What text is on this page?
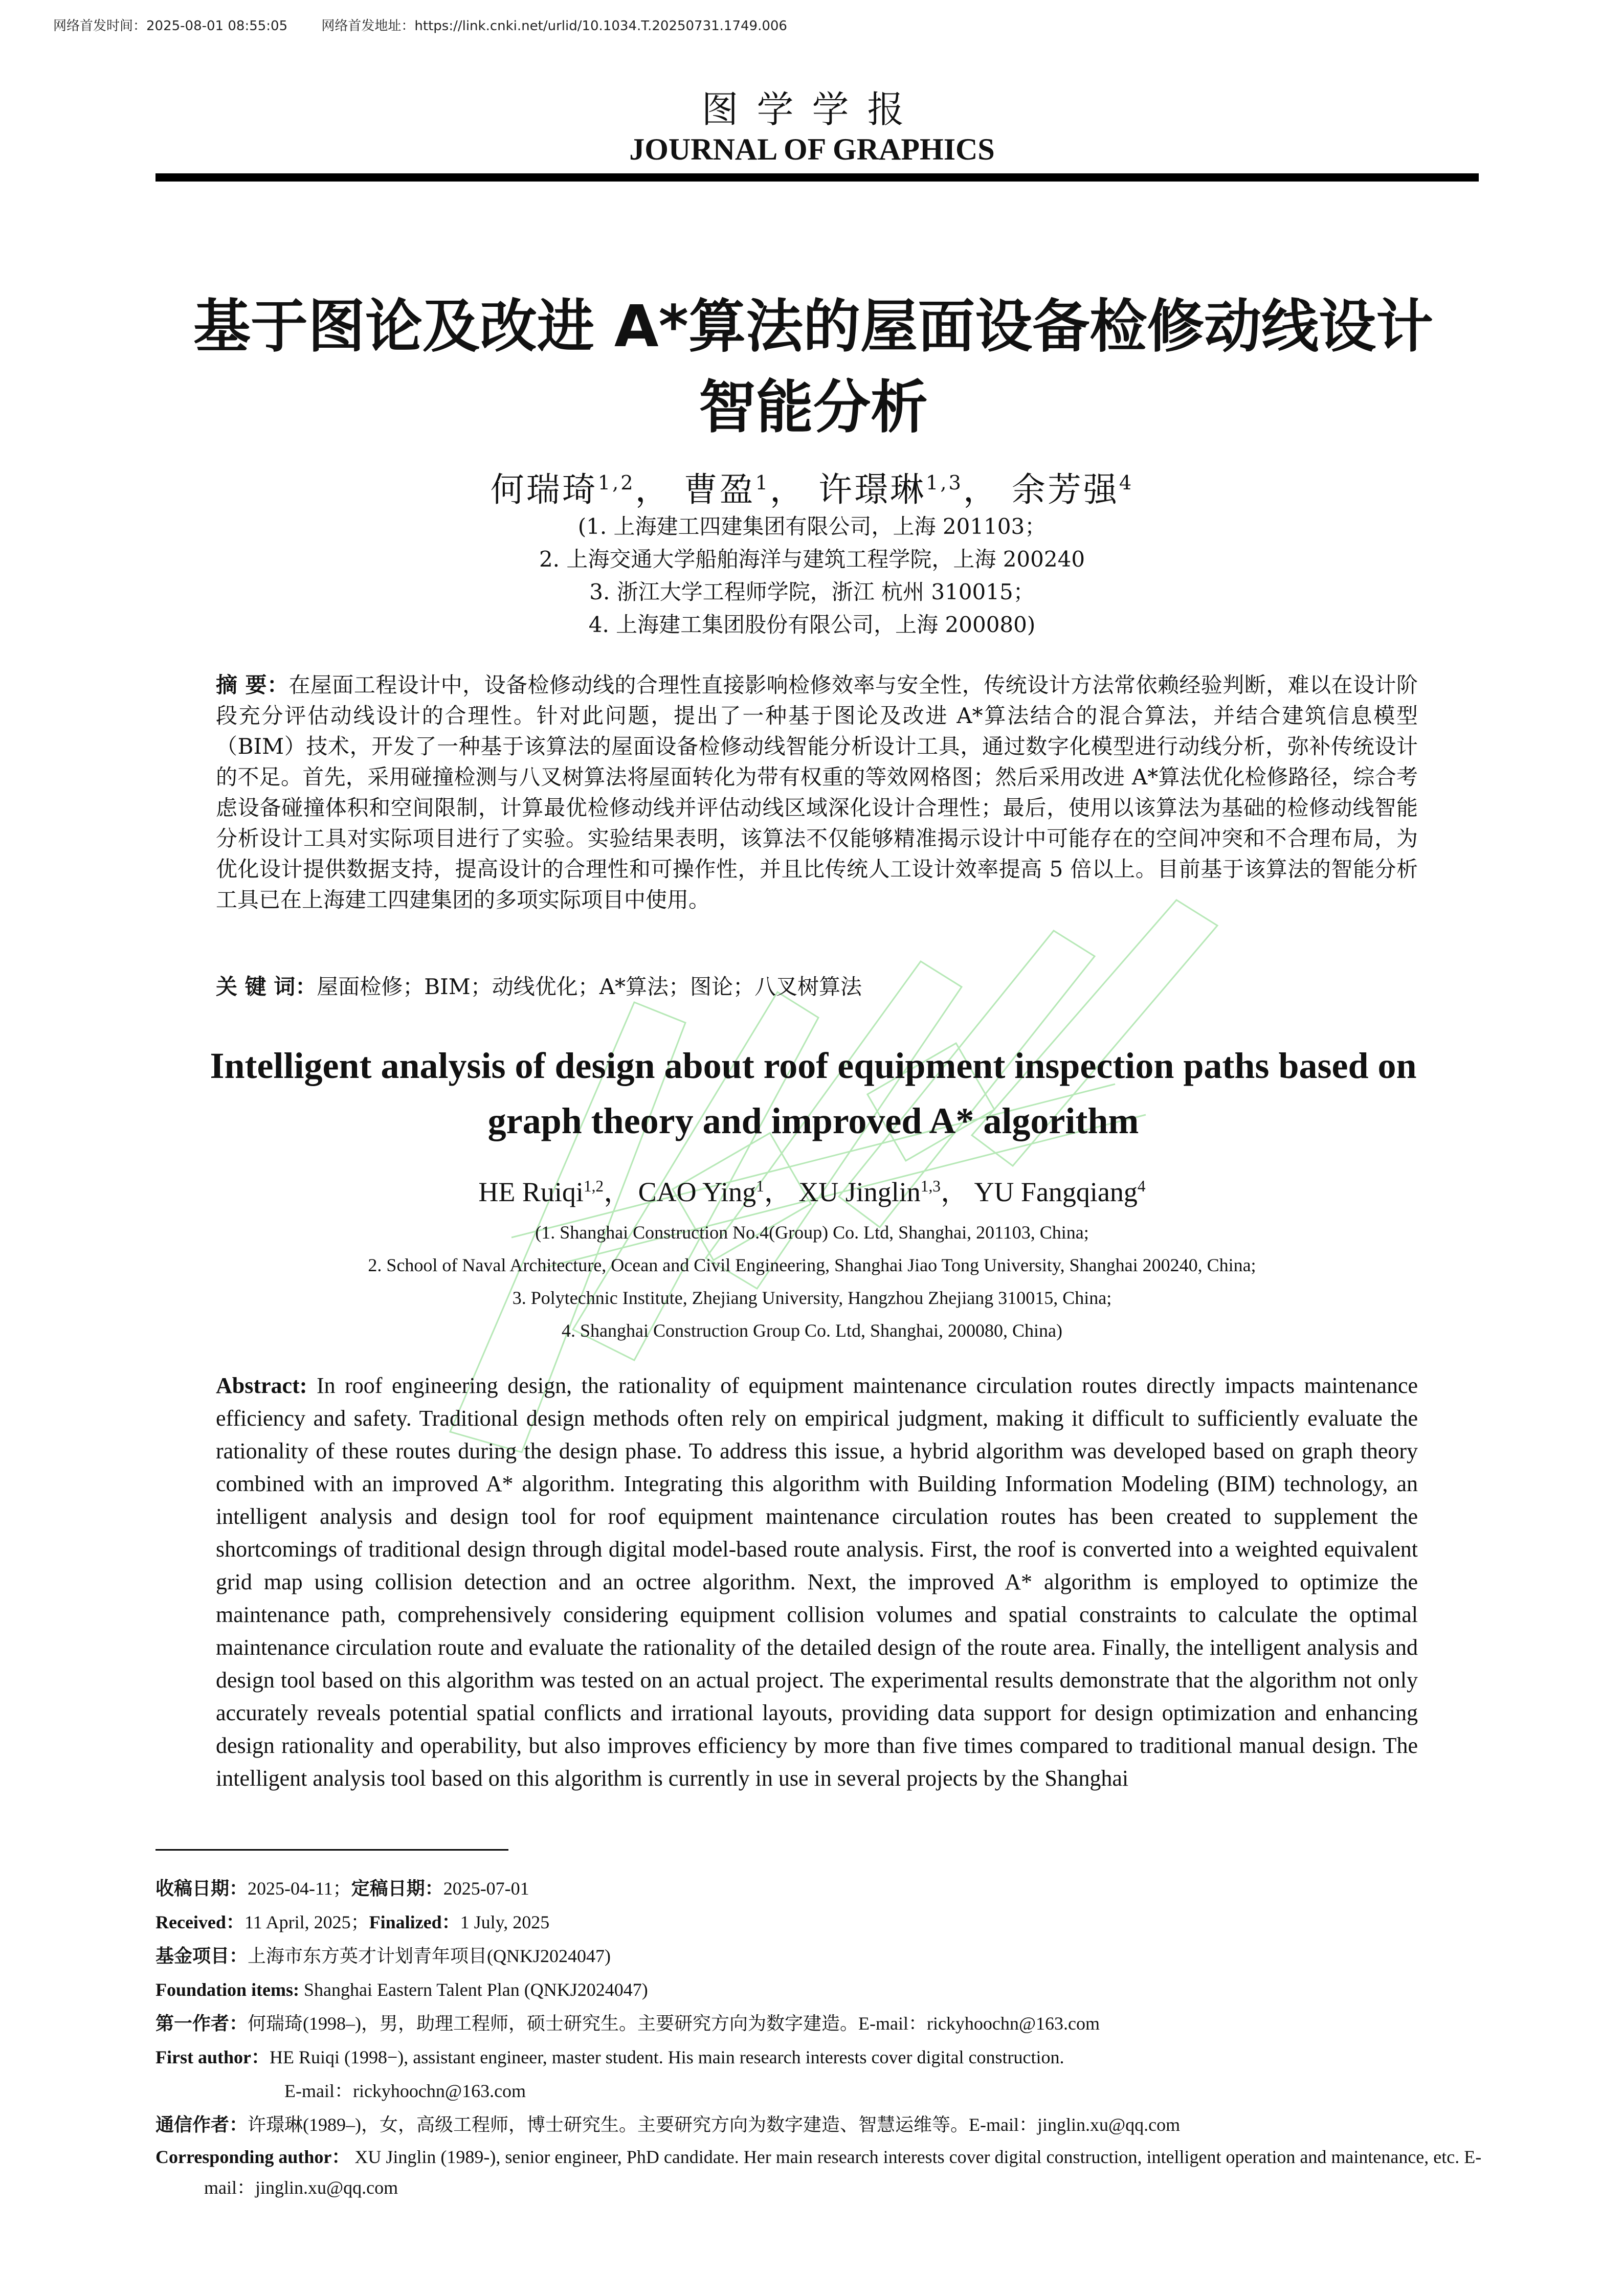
网络首发时间：2025-08-01 08:55:05	网络首发地址：https://link.cnki.net/urlid/10.1034.T.20250731.1749.006
图学学报
JOURNAL OF GRAPHICS
基于图论及改进 A*算法的屋面设备检修动线设计
智能分析
何瑞琦$^{1,2}$， 曹盈$^1$， 许璟琳$^{1,3}$， 余芳强$^4$
(1. 上海建工四建集团有限公司，上海 201103；
2. 上海交通大学船舶海洋与建筑工程学院，上海 200240
3. 浙江大学工程师学院，浙江 杭州 310015；
4. 上海建工集团股份有限公司，上海 200080)
摘 要：在屋面工程设计中，设备检修动线的合理性直接影响检修效率与安全性，传统设计方法常依赖经验判断，难以在设计阶段充分评估动线设计的合理性。针对此问题，提出了一种基于图论及改进 A*算法结合的混合算法，并结合建筑信息模型（BIM）技术，开发了一种基于该算法的屋面设备检修动线智能分析设计工具，通过数字化模型进行动线分析，弥补传统设计的不足。首先，采用碰撞检测与八叉树算法将屋面转化为带有权重的等效网格图；然后采用改进 A*算法优化检修路径，综合考虑设备碰撞体积和空间限制，计算最优检修动线并评估动线区域深化设计合理性；最后，使用以该算法为基础的检修动线智能分析设计工具对实际项目进行了实验。实验结果表明，该算法不仅能够精准揭示设计中可能存在的空间冲突和不合理布局，为优化设计提供数据支持，提高设计的合理性和可操作性，并且比传统人工设计效率提高 5 倍以上。目前基于该算法的智能分析工具已在上海建工四建集团的多项实际项目中使用。
关 键 词：屋面检修；BIM；动线优化；A*算法；图论；八叉树算法
Intelligent analysis of design about roof equipment inspection paths based on
graph theory and improved A* algorithm
HE Ruiqi$^{1,2}$， CAO Ying$^1$， XU Jinglin$^{1,3}$， YU Fangqiang$^4$
(1. Shanghai Construction No.4(Group) Co. Ltd, Shanghai, 201103, China;
2. School of Naval Architecture, Ocean and Civil Engineering, Shanghai Jiao Tong University, Shanghai 200240, China;
3. Polytechnic Institute, Zhejiang University, Hangzhou Zhejiang 310015, China;
4. Shanghai Construction Group Co. Ltd, Shanghai, 200080, China)
Abstract: In roof engineering design, the rationality of equipment maintenance circulation routes directly impacts maintenance efficiency and safety. Traditional design methods often rely on empirical judgment, making it difficult to sufficiently evaluate the rationality of these routes during the design phase. To address this issue, a hybrid algorithm was developed based on graph theory combined with an improved A* algorithm. Integrating this algorithm with Building Information Modeling (BIM) technology, an intelligent analysis and design tool for roof equipment maintenance circulation routes has been created to supplement the shortcomings of traditional design through digital model-based route analysis. First, the roof is converted into a weighted equivalent grid map using collision detection and an octree algorithm. Next, the improved A* algorithm is employed to optimize the maintenance path, comprehensively considering equipment collision volumes and spatial constraints to calculate the optimal maintenance circulation route and evaluate the rationality of the detailed design of the route area. Finally, the intelligent analysis and design tool based on this algorithm was tested on an actual project. The experimental results demonstrate that the algorithm not only accurately reveals potential spatial conflicts and irrational layouts, providing data support for design optimization and enhancing design rationality and operability, but also improves efficiency by more than five times compared to traditional manual design. The intelligent analysis tool based on this algorithm is currently in use in several projects by the Shanghai
收稿日期：2025-04-11；定稿日期：2025-07-01
Received：11 April, 2025；Finalized：1 July, 2025
基金项目：上海市东方英才计划青年项目(QNKJ2024047)
Foundation items: Shanghai Eastern Talent Plan (QNKJ2024047)
第一作者：何瑞琦(1998–)，男，助理工程师，硕士研究生。主要研究方向为数字建造。E-mail：rickyhoochn@163.com
First author：HE Ruiqi (1998−), assistant engineer, master student. His main research interests cover digital construction.
E-mail：rickyhoochn@163.com
通信作者：许璟琳(1989–)，女，高级工程师，博士研究生。主要研究方向为数字建造、智慧运维等。E-mail：jinglin.xu@qq.com
Corresponding author： XU Jinglin (1989-), senior engineer, PhD candidate. Her main research interests cover digital construction, intelligent operation and maintenance, etc. E-mail：jinglin.xu@qq.com
